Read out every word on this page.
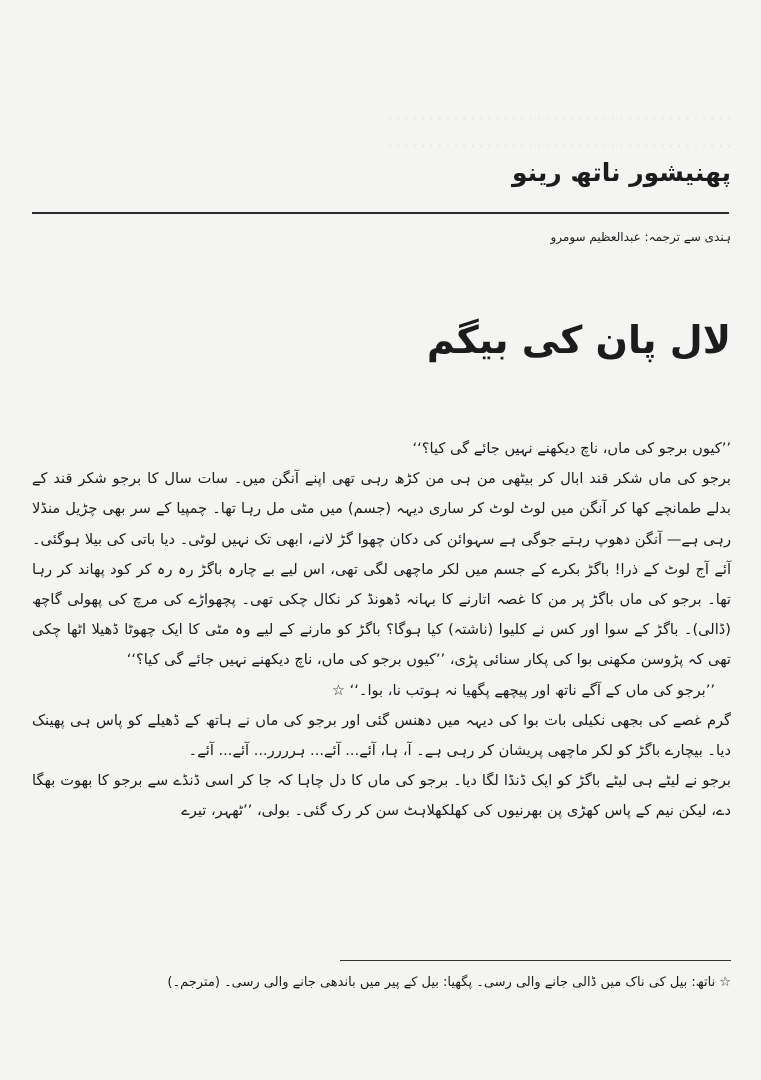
· · · · · · · · · · · · · · · · · · · · · · · · · · · · · · · · · · · · · · · · · ·
· · · · · · · · · · · · · · · · · · · · · · · · · · · · · · · · · · · · · · · · · ·
پھنیشور ناتھ رینو
ہندی سے ترجمہ: عبدالعظیم سومرو
لال پان کی بیگم

’’کیوں برجو کی ماں، ناچ دیکھنے نہیں جائے گی کیا؟‘‘

برجو کی ماں شکر قند ابال کر بیٹھی من ہی من کڑھ رہی تھی اپنے آنگن میں۔ سات سال کا برجو شکر قند کے بدلے طمانچے کھا کر آنگن میں لوٹ لوٹ کر ساری دیہہ (جسم) میں مٹی مل رہا تھا۔ چمپیا کے سر بھی چڑیل منڈلا رہی ہے— آنگن دھوپ رہتے جوگی ہے سہوائن کی دکان چھوا گڑ لانے، ابھی تک نہیں لوٹی۔ دیا باتی کی بیلا ہوگئی۔ آئے آج لوٹ کے ذرا! باگڑ بکرے کے جسم میں لکر ماچھی لگی تھی، اس لیے بے چارہ باگڑ رہ رہ کر کود پھاند کر رہا تھا۔ برجو کی ماں باگڑ پر من کا غصہ اتارنے کا بہانہ ڈھونڈ کر نکال چکی تھی۔ پچھواڑے کی مرچ کی پھولی گاچھ (ڈالی)۔ باگڑ کے سوا اور کس نے کلیوا (ناشتہ) کیا ہوگا؟ باگڑ کو مارنے کے لیے وہ مٹی کا ایک چھوٹا ڈھیلا اٹھا چکی تھی کہ پڑوسن مکھنی بوا کی پکار سنائی پڑی، ’’کیوں برجو کی ماں، ناچ دیکھنے نہیں جائے گی کیا؟‘‘

’’برجو کی ماں کے آگے ناتھ اور پیچھے پگھیا نہ ہوتب نا، بوا۔‘‘ ☆

گرم غصے کی بجھی نکیلی بات بوا کی دیہہ میں دھنس گئی اور برجو کی ماں نے ہاتھ کے ڈھیلے کو پاس ہی پھینک دیا۔ بیچارے باگڑ کو لکر ماچھی پریشان کر رہی ہے۔ آ، ہا، آئے... آئے... ہرررر... آئے... آئے۔

برجو نے لیٹے ہی لیٹے باگڑ کو ایک ڈنڈا لگا دیا۔ برجو کی ماں کا دل چاہا کہ جا کر اسی ڈنڈے سے برجو کا بھوت بھگا دے، لیکن نیم کے پاس کھڑی پن بھرنیوں کی کھلکھلاہٹ سن کر رک گئی۔ بولی، ’’ٹھہر، تیرے

☆ ناتھ: بیل کی ناک میں ڈالی جانے والی رسی۔ پگھیا: بیل کے پیر میں باندھی جانے والی رسی۔ (مترجم۔)
